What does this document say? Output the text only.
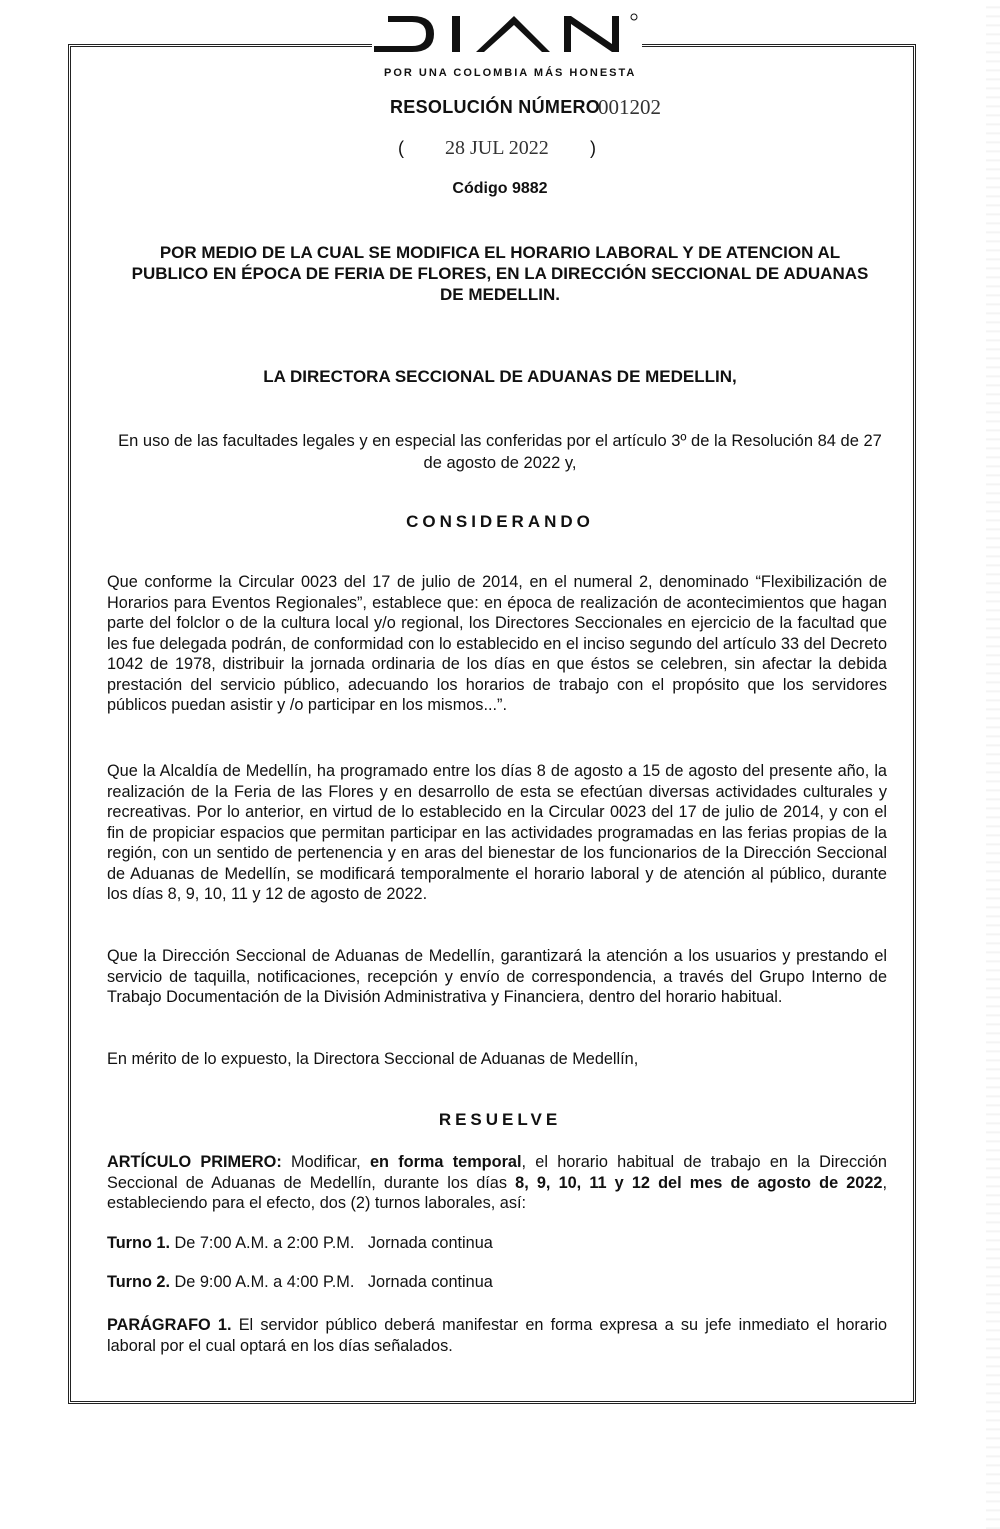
POR UNA COLOMBIA MÁS HONESTA
RESOLUCIÓN NÚMERO
001202
( 28 JUL 2022 )
Código 9882
POR MEDIO DE LA CUAL SE MODIFICA EL HORARIO LABORAL Y DE ATENCION AL PUBLICO EN ÉPOCA DE FERIA DE FLORES, EN LA DIRECCIÓN SECCIONAL DE ADUANAS DE MEDELLIN.
LA DIRECTORA SECCIONAL DE ADUANAS DE MEDELLIN,
En uso de las facultades legales y en especial las conferidas por el artículo 3º de la Resolución 84 de 27 de agosto de 2022 y,
CONSIDERANDO
Que conforme la Circular 0023 del 17 de julio de 2014, en el numeral 2, denominado “Flexibilización de Horarios para Eventos Regionales”, establece que: en época de realización de acontecimientos que hagan parte del folclor o de la cultura local y/o regional, los Directores Seccionales en ejercicio de la facultad que les fue delegada podrán, de conformidad con lo establecido en el inciso segundo del artículo 33 del Decreto 1042 de 1978, distribuir la jornada ordinaria de los días en que éstos se celebren, sin afectar la debida prestación del servicio público, adecuando los horarios de trabajo con el propósito que los servidores públicos puedan asistir y /o participar en los mismos...”.
Que la Alcaldía de Medellín, ha programado entre los días 8 de agosto a 15 de agosto del presente año, la realización de la Feria de las Flores y en desarrollo de esta se efectúan diversas actividades culturales y recreativas. Por lo anterior, en virtud de lo establecido en la Circular 0023 del 17 de julio de 2014, y con el fin de propiciar espacios que permitan participar en las actividades programadas en las ferias propias de la región, con un sentido de pertenencia y en aras del bienestar de los funcionarios de la Dirección Seccional de Aduanas de Medellín, se modificará temporalmente el horario laboral y de atención al público, durante los días 8, 9, 10, 11 y 12 de agosto de 2022.
Que la Dirección Seccional de Aduanas de Medellín, garantizará la atención a los usuarios y prestando el servicio de taquilla, notificaciones, recepción y envío de correspondencia, a través del Grupo Interno de Trabajo Documentación de la División Administrativa y Financiera, dentro del horario habitual.
En mérito de lo expuesto, la Directora Seccional de Aduanas de Medellín,
RESUELVE
ARTÍCULO PRIMERO: Modificar, en forma temporal, el horario habitual de trabajo en la Dirección Seccional de Aduanas de Medellín, durante los días 8, 9, 10, 11 y 12 del mes de agosto de 2022, estableciendo para el efecto, dos (2) turnos laborales, así:
Turno 1. De 7:00 A.M. a 2:00 P.M.   Jornada continua
Turno 2. De 9:00 A.M. a 4:00 P.M.   Jornada continua
PARÁGRAFO 1. El servidor público deberá manifestar en forma expresa a su jefe inmediato el horario laboral por el cual optará en los días señalados.
